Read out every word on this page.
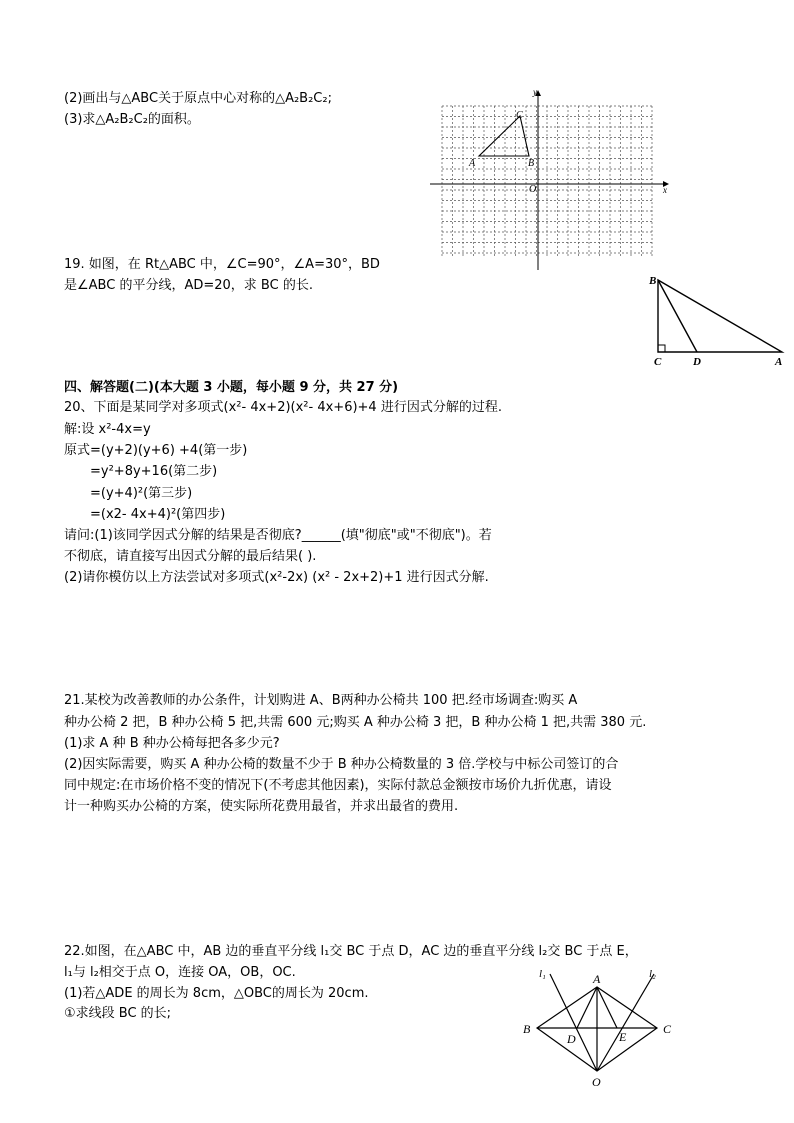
(2)画出与△ABC关于原点中心对称的△A₂B₂C₂;
(3)求△A₂B₂C₂的面积。
x
y
O
A	B
C
19. 如图，在 Rt△ABC 中，∠C=90°，∠A=30°，BD
是∠ABC 的平分线，AD=20，求 BC 的长.	B
C	D	A
四、解答题(二)(本大题 3 小题，每小题 9 分，共 27 分)
20、下面是某同学对多项式(x²- 4x+2)(x²- 4x+6)+4 进行因式分解的过程.
解:设 x²-4x=y
原式=(y+2)(y+6) +4(第一步)
=y²+8y+16(第二步)
=(y+4)²(第三步)
=(x2- 4x+4)²(第四步)
请问:(1)该同学因式分解的结果是否彻底?______(填"彻底"或"不彻底")。若
不彻底，请直接写出因式分解的最后结果( ).
(2)请你模仿以上方法尝试对多项式(x²-2x) (x² - 2x+2)+1 进行因式分解.
21.某校为改善教师的办公条件，计划购进 A、B两种办公椅共 100 把.经市场调查:购买 A
种办公椅 2 把，B 种办公椅 5 把,共需 600 元;购买 A 种办公椅 3 把，B 种办公椅 1 把,共需 380 元.
(1)求 A 种 B 种办公椅每把各多少元?
(2)因实际需要，购买 A 种办公椅的数量不少于 B 种办公椅数量的 3 倍.学校与中标公司签订的合
同中规定:在市场价格不变的情况下(不考虑其他因素)，实际付款总金额按市场价九折优惠，请设
计一种购买办公椅的方案，使实际所花费用最省，并求出最省的费用.
22.如图，在△ABC 中，AB 边的垂直平分线 l₁交 BC 于点 D，AC 边的垂直平分线 l₂交 BC 于点 E，
l₁与 l₂相交于点 O，连接 OA，OB，OC.
(1)若△ADE 的周长为 8cm，△OBC的周长为 20cm.
①求线段 BC 的长;
l₁	l₂
A
B	C
D	E
O
